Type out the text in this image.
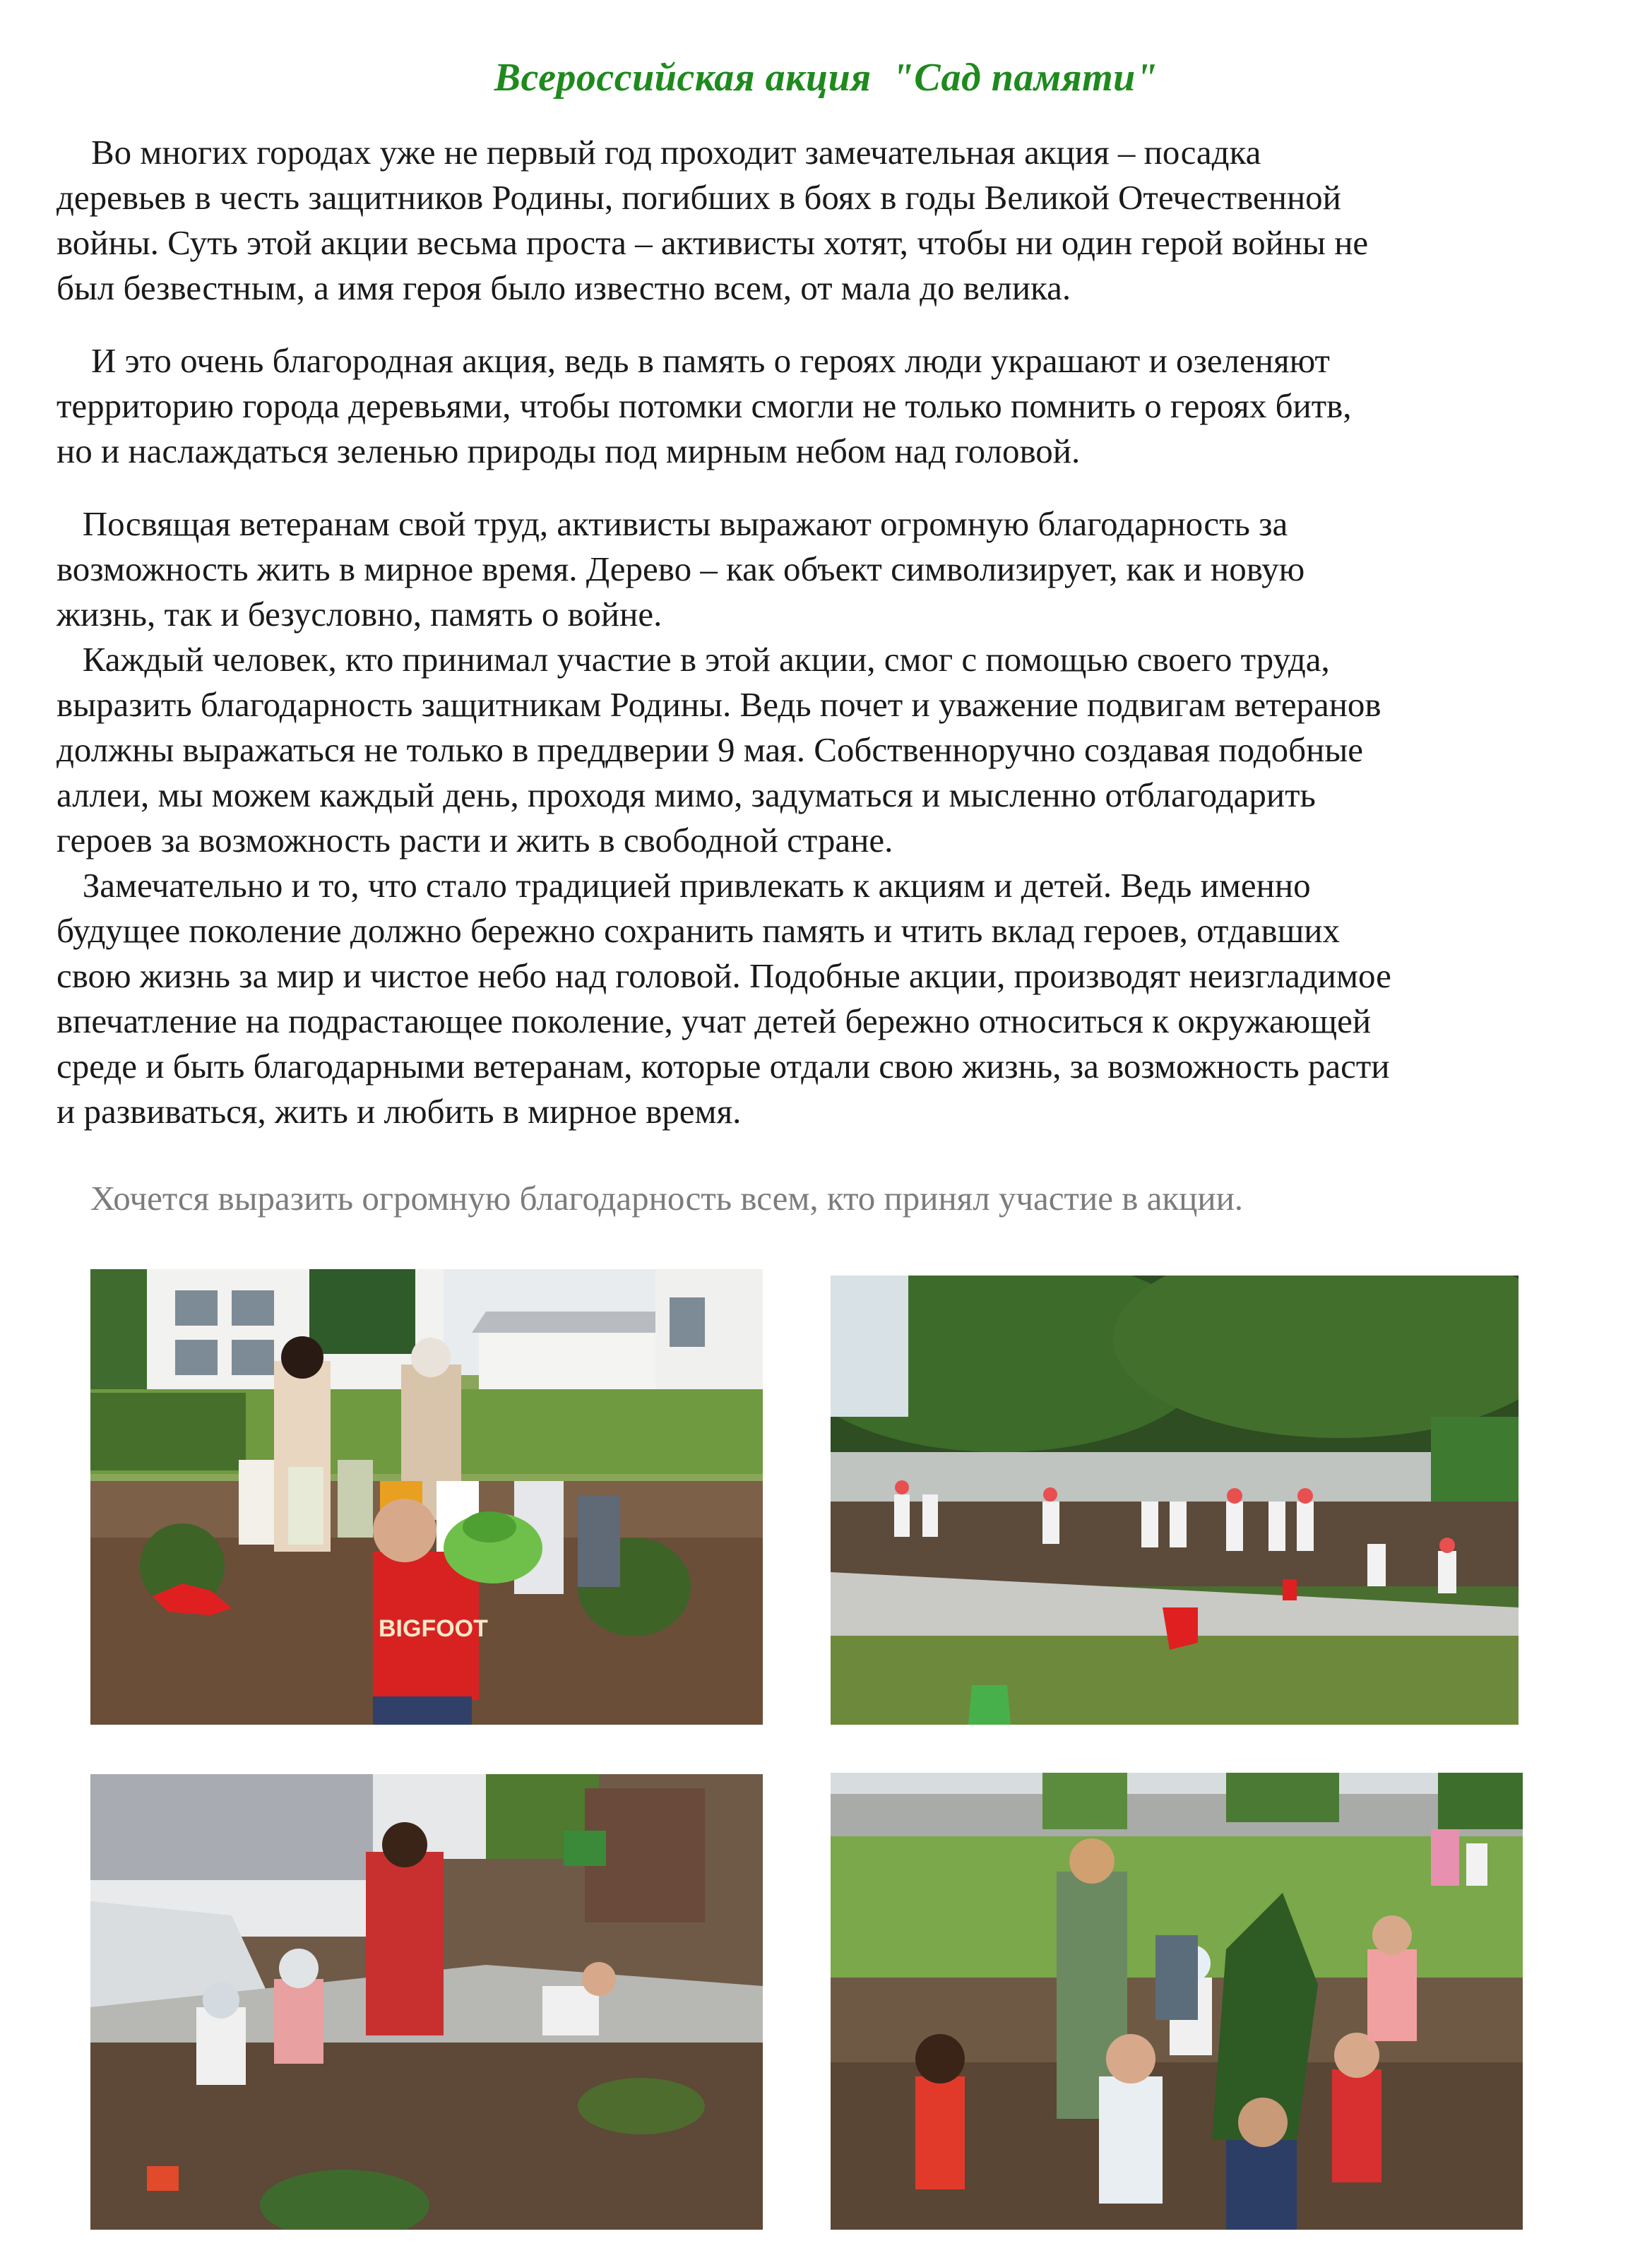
Всероссийская акция  "Сад памяти"
Во многих городах уже не первый год проходит замечательная акция – посадка
деревьев в честь защитников Родины, погибших в боях в годы Великой Отечественной
войны. Суть этой акции весьма проста – активисты хотят, чтобы ни один герой войны не
был безвестным, а имя героя было известно всем, от мала до велика.
И это очень благородная акция, ведь в память о героях люди украшают и озеленяют
территорию города деревьями, чтобы потомки смогли не только помнить о героях битв,
но и наслаждаться зеленью природы под мирным небом над головой.
Посвящая ветеранам свой труд, активисты выражают огромную благодарность за
возможность жить в мирное время. Дерево – как объект символизирует, как и новую
жизнь, так и безусловно, память о войне.
Каждый человек, кто принимал участие в этой акции, смог с помощью своего труда,
выразить благодарность защитникам Родины. Ведь почет и уважение подвигам ветеранов
должны выражаться не только в преддверии 9 мая. Собственноручно создавая подобные
аллеи, мы можем каждый день, проходя мимо, задуматься и мысленно отблагодарить
героев за возможность расти и жить в свободной стране.
Замечательно и то, что стало традицией привлекать к акциям и детей. Ведь именно
будущее поколение должно бережно сохранить память и чтить вклад героев, отдавших
свою жизнь за мир и чистое небо над головой. Подобные акции, производят неизгладимое
впечатление на подрастающее поколение, учат детей бережно относиться к окружающей
среде и быть благодарными ветеранам, которые отдали свою жизнь, за возможность расти
и развиваться, жить и любить в мирное время.
Хочется выразить огромную благодарность всем, кто принял участие в акции.
BIGFOOT
